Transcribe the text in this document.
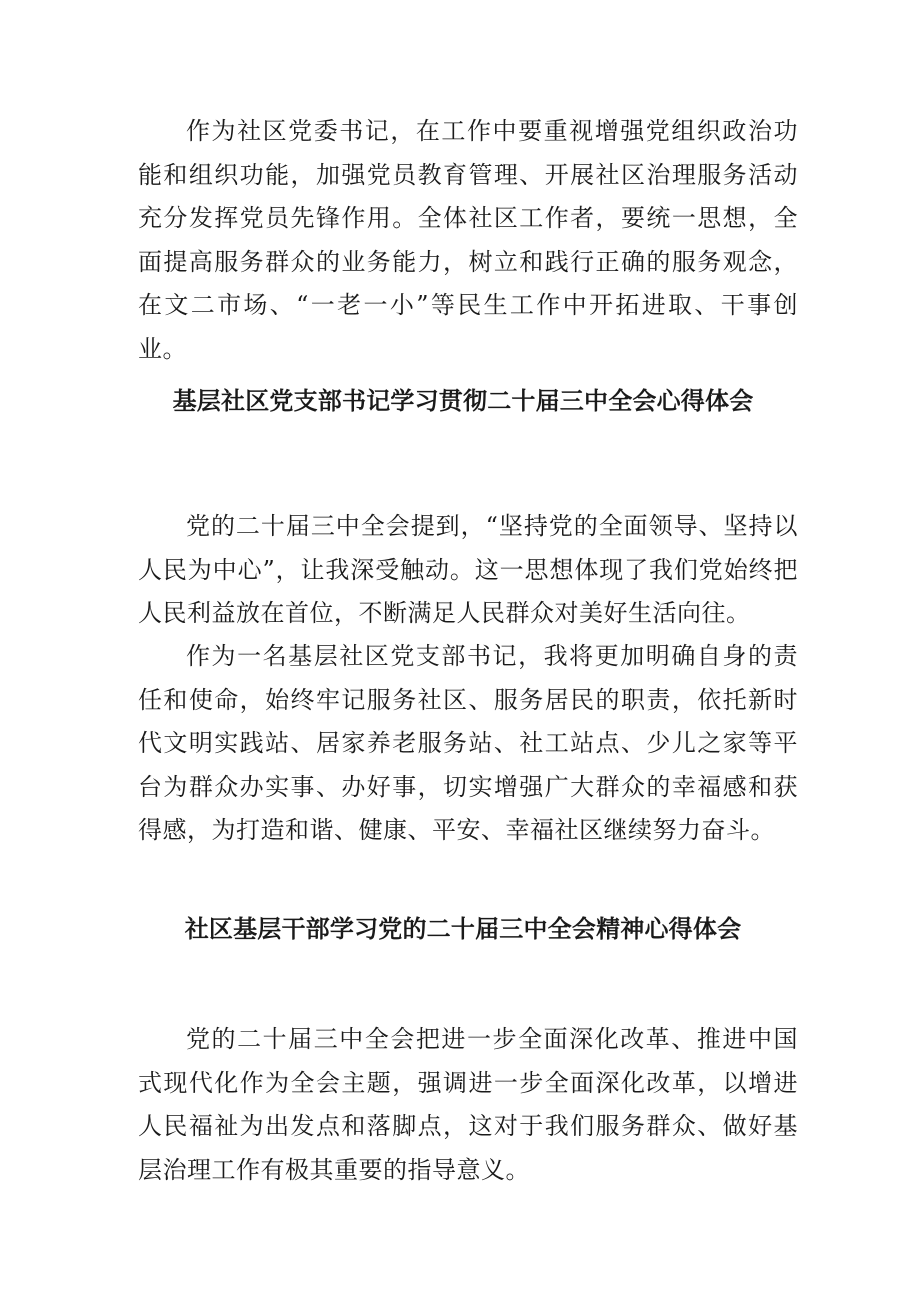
作为社区党委书记，在工作中要重视增强党组织政治功能和组织功能，加强党员教育管理、开展社区治理服务活动充分发挥党员先锋作用。全体社区工作者，要统一思想，全面提高服务群众的业务能力，树立和践行正确的服务观念，在文二市场、“一老一小”等民生工作中开拓进取、干事创业。

基层社区党支部书记学习贯彻二十届三中全会心得体会

党的二十届三中全会提到，“坚持党的全面领导、坚持以人民为中心”，让我深受触动。这一思想体现了我们党始终把人民利益放在首位，不断满足人民群众对美好生活向往。

作为一名基层社区党支部书记，我将更加明确自身的责任和使命，始终牢记服务社区、服务居民的职责，依托新时代文明实践站、居家养老服务站、社工站点、少儿之家等平台为群众办实事、办好事，切实增强广大群众的幸福感和获得感，为打造和谐、健康、平安、幸福社区继续努力奋斗。

社区基层干部学习党的二十届三中全会精神心得体会

党的二十届三中全会把进一步全面深化改革、推进中国式现代化作为全会主题，强调进一步全面深化改革，以增进人民福祉为出发点和落脚点，这对于我们服务群众、做好基层治理工作有极其重要的指导意义。
